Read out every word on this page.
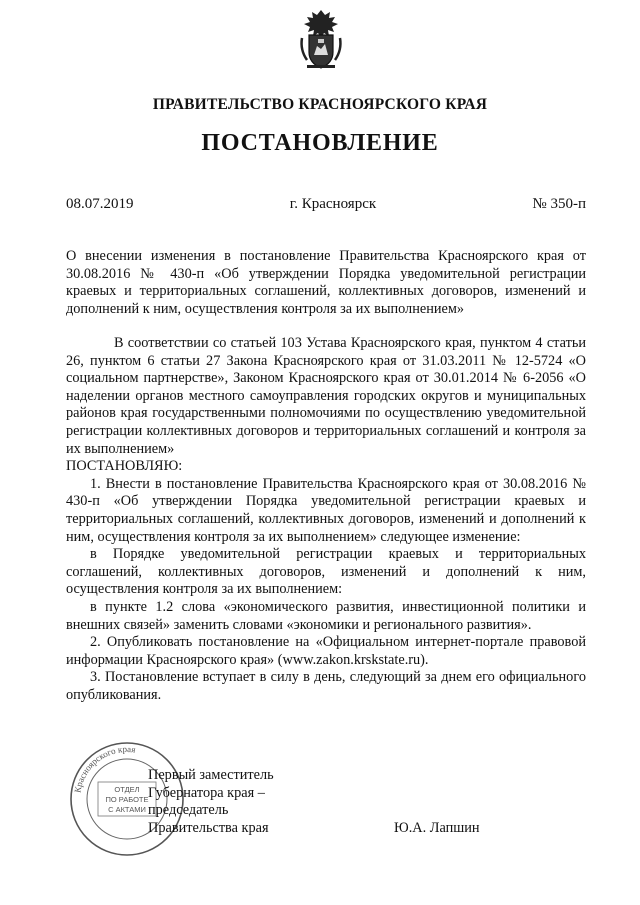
ПРАВИТЕЛЬСТВО КРАСНОЯРСКОГО КРАЯ
ПОСТАНОВЛЕНИЕ
08.07.2019	г. Красноярск	№ 350-п
О внесении изменения в постановление Правительства Красноярского края от 30.08.2016 № 430-п «Об утверждении Порядка уведомительной регистрации краевых и территориальных соглашений, коллективных договоров, изменений и дополнений к ним, осуществления контроля за их выполнением»

В соответствии со статьей 103 Устава Красноярского края, пунктом 4 статьи 26, пунктом 6 статьи 27 Закона Красноярского края от 31.03.2011 № 12-5724 «О социальном партнерстве», Законом Красноярского края от 30.01.2014 № 6-2056 «О наделении органов местного самоуправления городских округов и муниципальных районов края государственными полномочиями по осуществлению уведомительной регистрации коллективных договоров и территориальных соглашений и контроля за их выполнением»

ПОСТАНОВЛЯЮ:

1. Внести в постановление Правительства Красноярского края от 30.08.2016 № 430-п «Об утверждении Порядка уведомительной регистрации краевых и территориальных соглашений, коллективных договоров, изменений и дополнений к ним, осуществления контроля за их выполнением» следующее изменение:

в Порядке уведомительной регистрации краевых и территориальных соглашений, коллективных договоров, изменений и дополнений к ним, осуществления контроля за их выполнением:

в пункте 1.2 слова «экономического развития, инвестиционной политики и внешних связей» заменить словами «экономики и регионального развития».

2. Опубликовать постановление на «Официальном интернет-портале правовой информации Красноярского края» (www.zakon.krskstate.ru).

3. Постановление вступает в силу в день, следующий за днем его официального опубликования.

Красноярского края
ОТДЕЛ
ПО РАБОТЕ
С АКТАМИ
Первый заместитель
Губернатора края –
председатель
Правительства края	Ю.А. Лапшин
